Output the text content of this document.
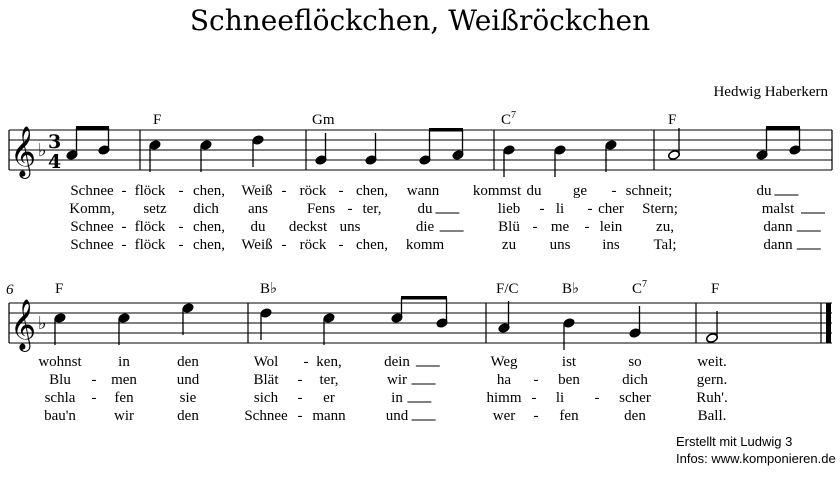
Schneeflöckchen, Weißröckchen
Hedwig Haberkern
𝄞 ♭ 3
4
F	Gm	$C^7$	F
6
𝄞 ♭
F	B♭	F/C	B♭	$C^7$	F
Schnee - flöck - chen, Weiß - röck - chen, wann kommst du ge - schneit;	du
Komm, setz dich ans	Fens - ter, du	lieb - li - cher Stern;	malst
Schnee - flöck - chen, du deckst uns	die	Blü - me - lein zu,	dann
Schnee - flöck - chen, Weiß - röck - chen, komm	zu uns ins Tal;	dann
wohnst in	den	Wol - ken,	dein	Weg	ist	so	weit.
Blu - men	und	Blät - ter,	wir	ha - ben	dich	gern.
schla - fen	sie	sich - er	in	himm - li - scher	Ruh'.
bau'n	wir	den	Schnee - mann	und	wer - fen	den	Ball.
Erstellt mit Ludwig 3
Infos: www.komponieren.de
